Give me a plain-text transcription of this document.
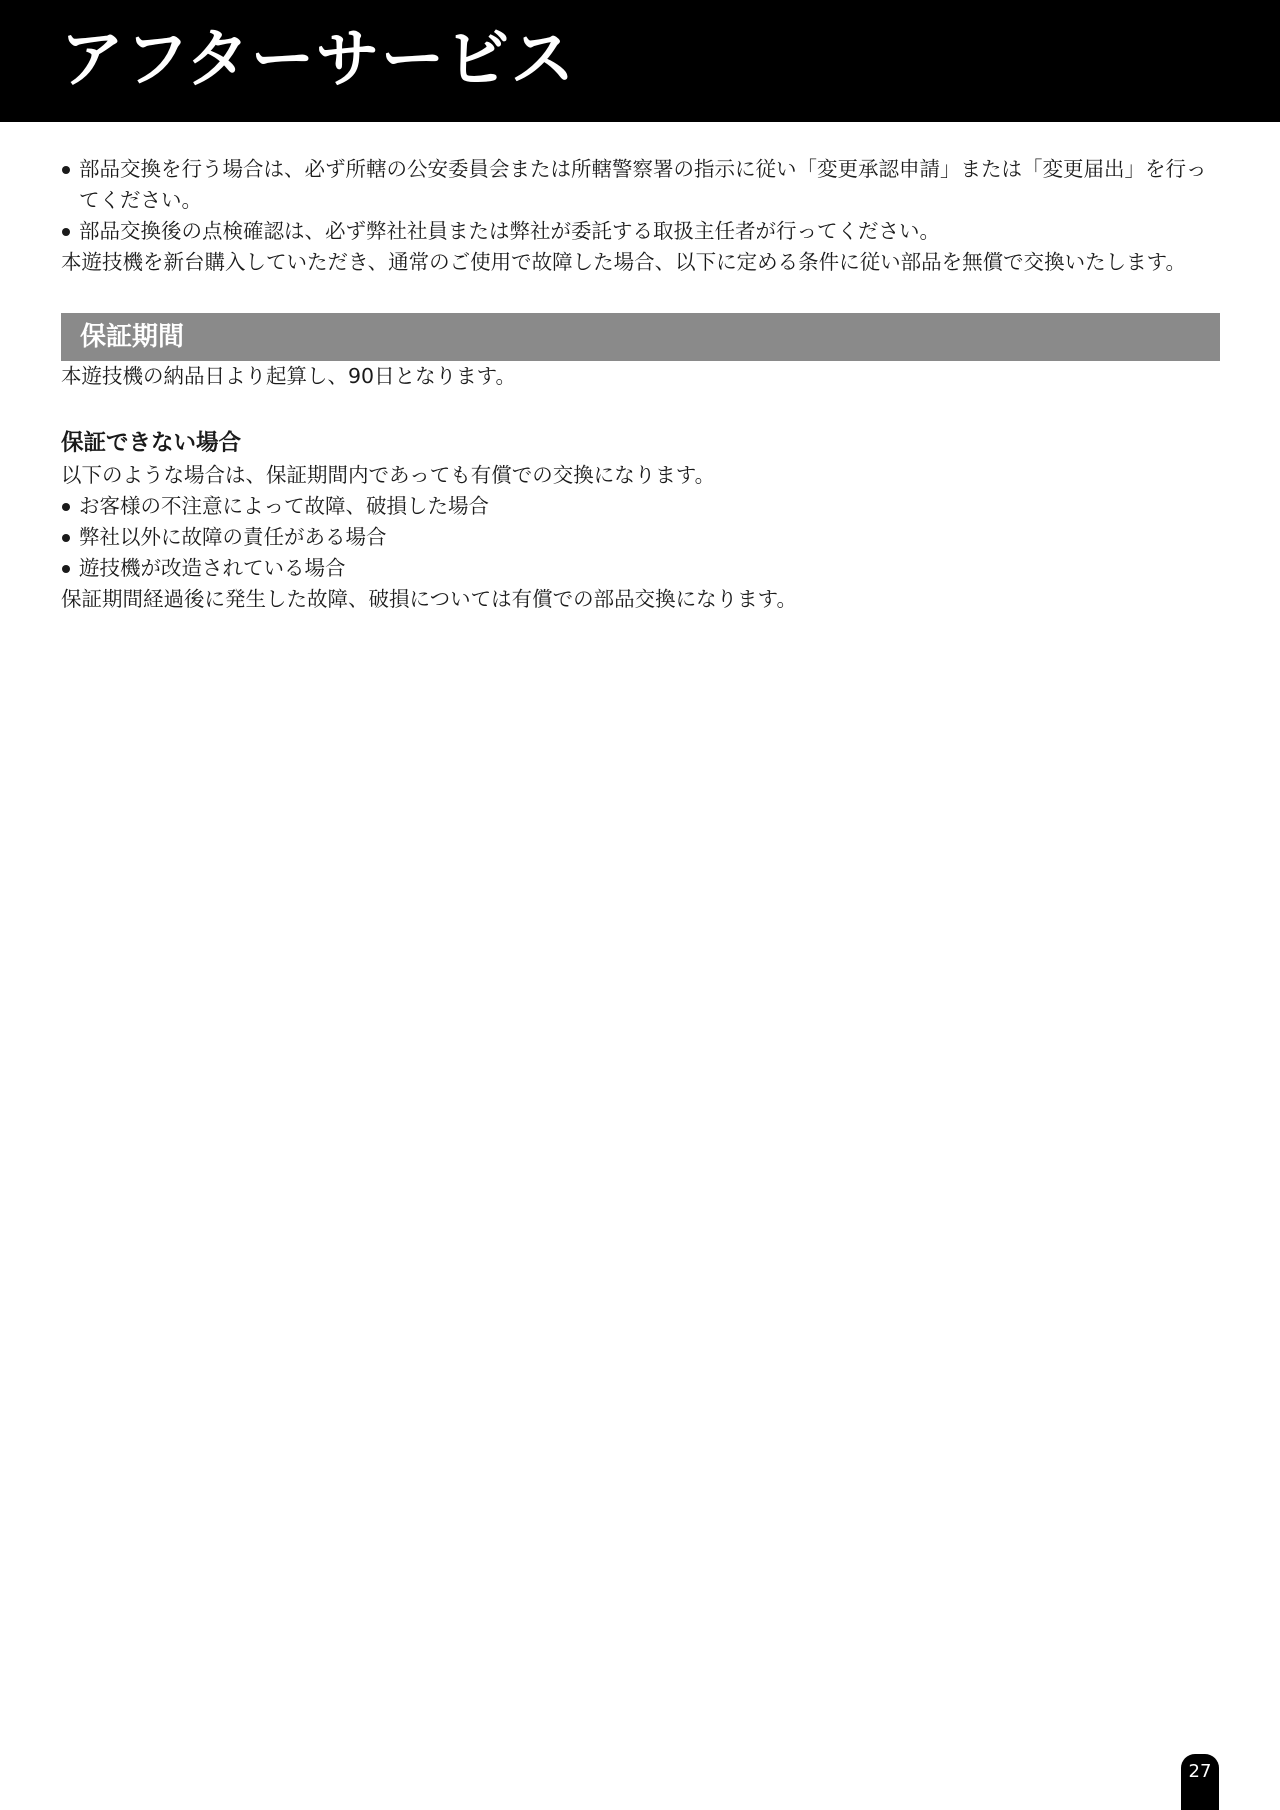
アフターサービス
部品交換を行う場合は、必ず所轄の公安委員会または所轄警察署の指示に従い「変更承認申請」または「変更届出」を行ってください。
部品交換後の点検確認は、必ず弊社社員または弊社が委託する取扱主任者が行ってください。

本遊技機を新台購入していただき、通常のご使用で故障した場合、以下に定める条件に従い部品を無償で交換いたします。

保証期間

本遊技機の納品日より起算し、90日となります。

保証できない場合

以下のような場合は、保証期間内であっても有償での交換になります。

お客様の不注意によって故障、破損した場合
弊社以外に故障の責任がある場合
遊技機が改造されている場合

保証期間経過後に発生した故障、破損については有償での部品交換になります。

27
